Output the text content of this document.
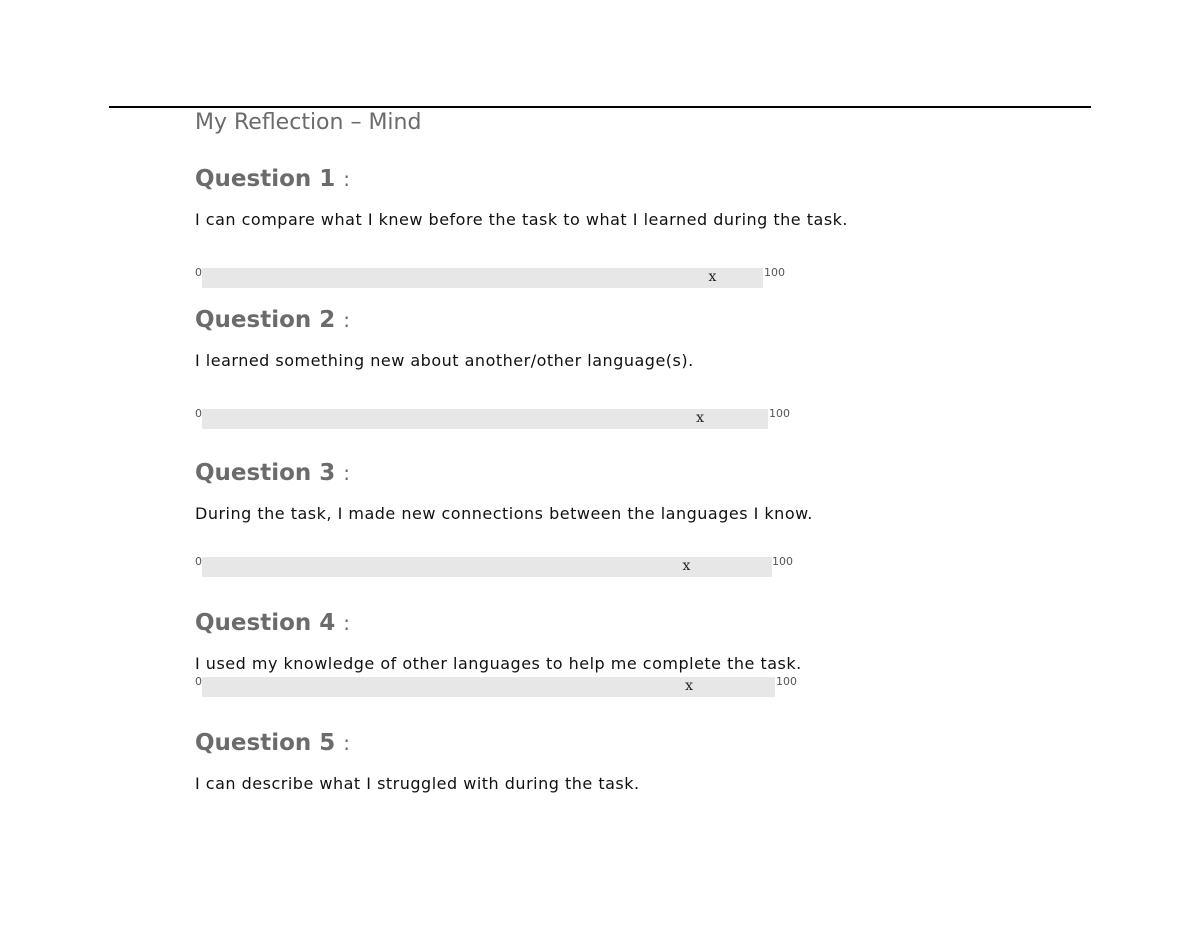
My Reflection – Mind
Question 1 :
I can compare what I knew before the task to what I learned during the task.
0	x	100
Question 2 :
I learned something new about another/other language(s).
0	x	100
Question 3 :
During the task, I made new connections between the languages I know.
0	x	100
Question 4 :
I used my knowledge of other languages to help me complete the task.
0	x	100
Question 5 :
I can describe what I struggled with during the task.
